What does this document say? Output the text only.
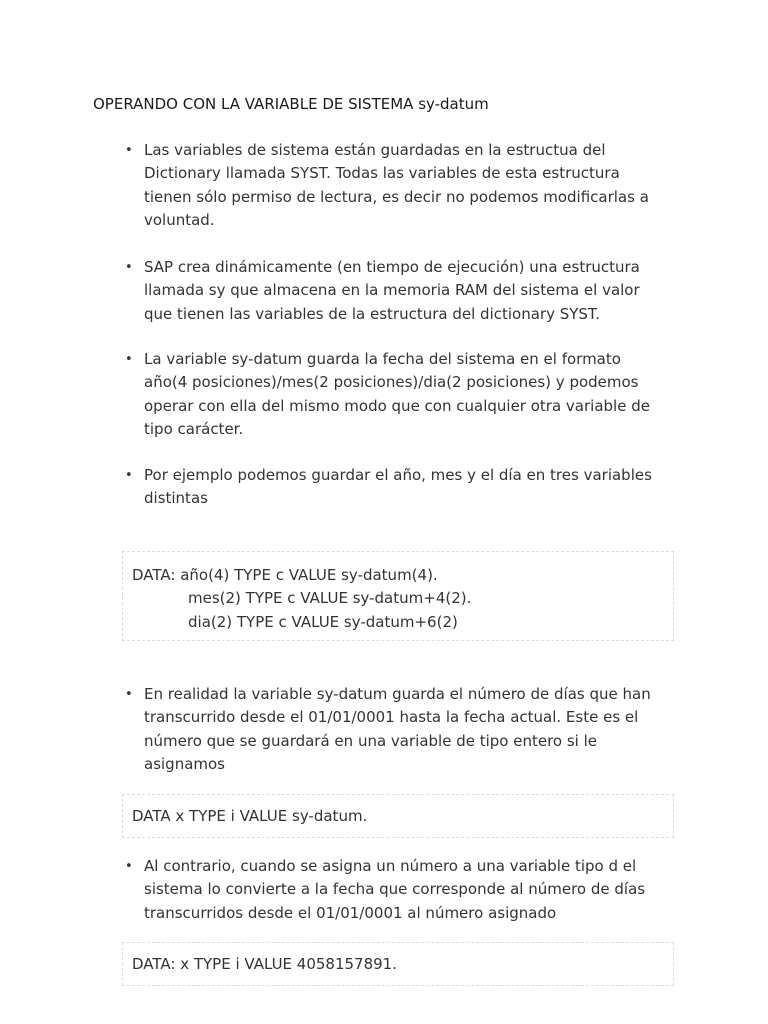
OPERANDO CON LA VARIABLE DE SISTEMA sy-datum
• Las variables de sistema están guardadas en la estructua del
Dictionary llamada SYST. Todas las variables de esta estructura
tienen sólo permiso de lectura, es decir no podemos modificarlas a
voluntad.
• SAP crea dinámicamente (en tiempo de ejecución) una estructura
llamada sy que almacena en la memoria RAM del sistema el valor
que tienen las variables de la estructura del dictionary SYST.
• La variable sy-datum guarda la fecha del sistema en el formato
año(4 posiciones)/mes(2 posiciones)/dia(2 posiciones) y podemos
operar con ella del mismo modo que con cualquier otra variable de
tipo carácter.
• Por ejemplo podemos guardar el año, mes y el día en tres variables
distintas
DATA: año(4) TYPE c VALUE sy-datum(4).
mes(2) TYPE c VALUE sy-datum+4(2).
dia(2) TYPE c VALUE sy-datum+6(2)
• En realidad la variable sy-datum guarda el número de días que han
transcurrido desde el 01/01/0001 hasta la fecha actual. Este es el
número que se guardará en una variable de tipo entero si le
asignamos
DATA x TYPE i VALUE sy-datum.
• Al contrario, cuando se asigna un número a una variable tipo d el
sistema lo convierte a la fecha que corresponde al número de días
transcurridos desde el 01/01/0001 al número asignado
DATA: x TYPE i VALUE 4058157891.
